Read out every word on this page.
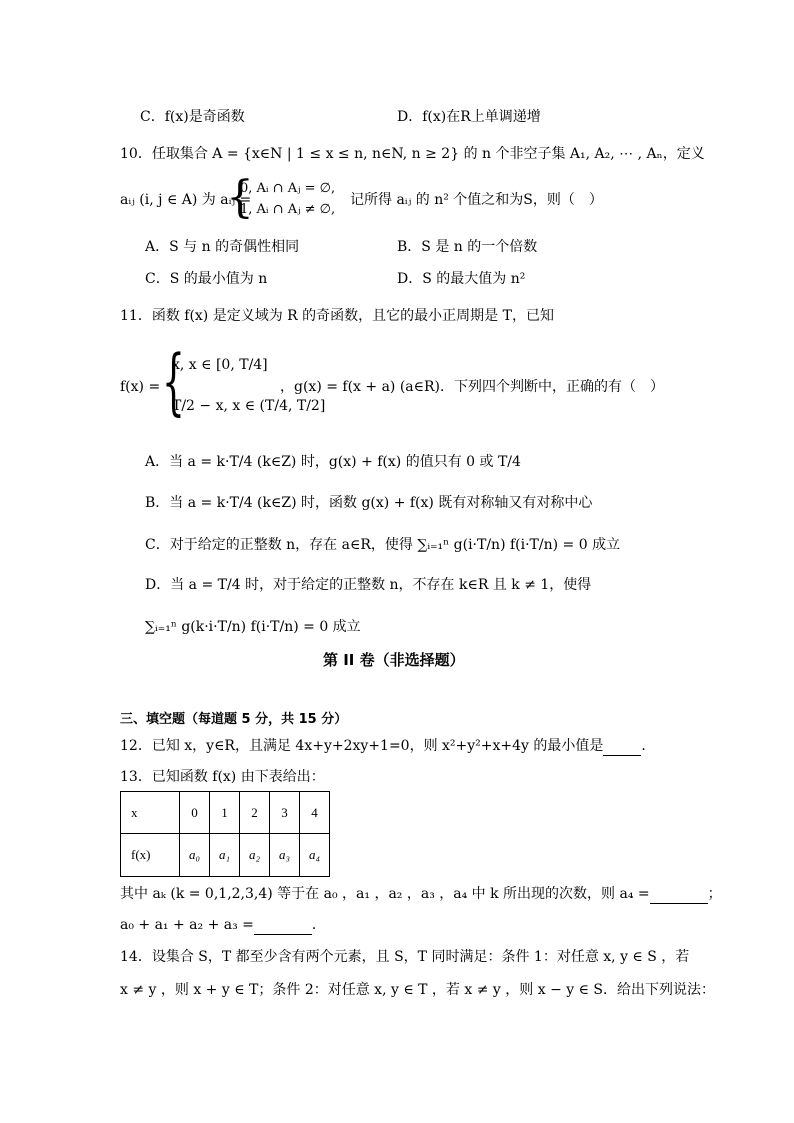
C．f(x)是奇函数	D．f(x)在R上单调递增
10．任取集合 A = {x∈N | 1 ≤ x ≤ n, n∈N, n ≥ 2} 的 n 个非空子集 A₁, A₂, ⋯ , Aₙ，定义
aᵢⱼ (i, j ∈ A) 为 aᵢⱼ =
{
0, Aᵢ ∩ Aⱼ = ∅,
1, Aᵢ ∩ Aⱼ ≠ ∅,
记所得 aᵢⱼ 的 n² 个值之和为S，则（　）
A．S 与 n 的奇偶性相同	B．S 是 n 的一个倍数
C．S 的最小值为 n	D．S 的最大值为 n²
11．函数 f(x) 是定义域为 R 的奇函数，且它的最小正周期是 T，已知
f(x) = {
x, x ∈ [0, T/4]
T/2 − x, x ∈ (T/4, T/2]
，g(x) = f(x + a) (a∈R)．下列四个判断中，正确的有（　）
A．当 a = k·T/4 (k∈Z) 时，g(x) + f(x) 的值只有 0 或 T/4
B．当 a = k·T/4 (k∈Z) 时，函数 g(x) + f(x) 既有对称轴又有对称中心
C．对于给定的正整数 n，存在 a∈R，使得 ∑ᵢ₌₁ⁿ g(i·T/n) f(i·T/n) = 0 成立
D．当 a = T/4 时，对于给定的正整数 n，不存在 k∈R 且 k ≠ 1，使得
∑ᵢ₌₁ⁿ g(k·i·T/n) f(i·T/n) = 0 成立
第 II 卷（非选择题）
三、填空题（每道题 5 分，共 15 分）
12．已知 x，y∈R，且满足 4x+y+2xy+1=0，则 x²+y²+x+4y 的最小值是	.
13．已知函数 f(x) 由下表给出：
x	0	1	2	3	4
f(x)	a₀	a₁	a₂	a₃	a₄
其中 aₖ (k = 0,1,2,3,4) 等于在 a₀ ，a₁ ，a₂ ，a₃ ，a₄ 中 k 所出现的次数，则 a₄ =	；
a₀ + a₁ + a₂ + a₃ =	．
14．设集合 S，T 都至少含有两个元素，且 S，T 同时满足：条件 1：对任意 x, y ∈ S ，若
x ≠ y ，则 x + y ∈ T；条件 2：对任意 x, y ∈ T ，若 x ≠ y ，则 x − y ∈ S．给出下列说法：
